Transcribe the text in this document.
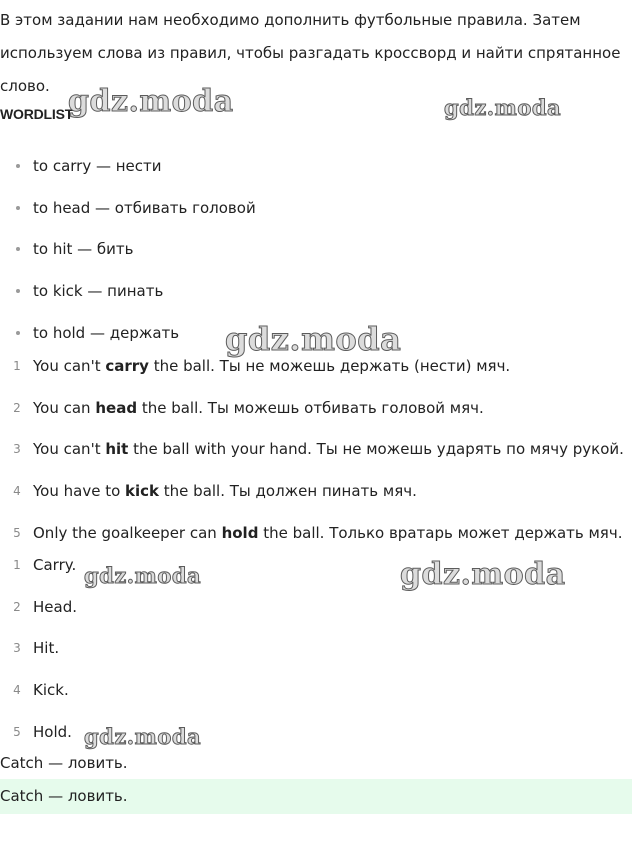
В этом задании нам необходимо дополнить футбольные правила. Затем используем слова из правил, чтобы разгадать кроссворд и найти спрятанное слово.

WORDLIST
to carry — нести
to head — отбивать головой
to hit — бить
to kick — пинать
to hold — держать
1 You can't carry the ball. Ты не можешь держать (нести) мяч.
2 You can head the ball. Ты можешь отбивать головой мяч.
3 You can't hit the ball with your hand. Ты не можешь ударять по мячу рукой.
4 You have to kick the ball. Ты должен пинать мяч.
5 Only the goalkeeper can hold the ball. Только вратарь может держать мяч.
1 Carry.
2 Head.
3 Hit.
4 Kick.
5 Hold.

Catch — ловить.

Catch — ловить.

gdz.moda	gdz.moda
gdz.moda
gdz.moda	gdz.moda
gdz.moda
